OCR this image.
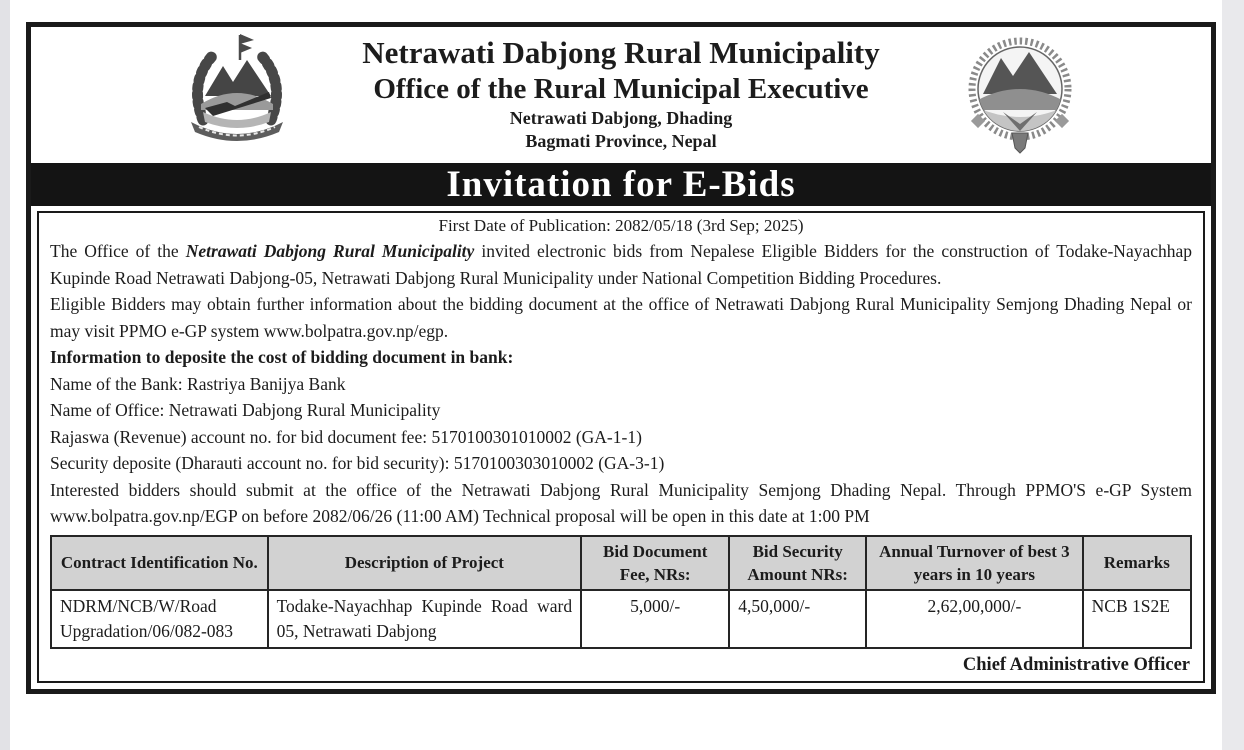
Netrawati Dabjong Rural Municipality
Office of the Rural Municipal Executive
Netrawati Dabjong, Dhading
Bagmati Province, Nepal
Invitation for E-Bids
First Date of Publication: 2082/05/18 (3rd Sep; 2025)

The Office of the Netrawati Dabjong Rural Municipality invited electronic bids from Nepalese Eligible Bidders for the construction of Todake-Nayachhap Kupinde Road Netrawati Dabjong-05, Netrawati Dabjong Rural Municipality under National Competition Bidding Procedures.

Eligible Bidders may obtain further information about the bidding document at the office of Netrawati Dabjong Rural Municipality Semjong Dhading Nepal or may visit PPMO e-GP system www.bolpatra.gov.np/egp.

Information to deposite the cost of bidding document in bank:
Name of the Bank: Rastriya Banijya Bank
Name of Office: Netrawati Dabjong Rural Municipality
Rajaswa (Revenue) account no. for bid document fee: 5170100301010002 (GA-1-1)
Security deposite (Dharauti account no. for bid security): 5170100303010002 (GA-3-1)

Interested bidders should submit at the office of the Netrawati Dabjong Rural Municipality Semjong Dhading Nepal. Through PPMO'S e-GP System www.bolpatra.gov.np/EGP on before 2082/06/26 (11:00 AM) Technical proposal will be open in this date at 1:00 PM

Contract Identification No.	Description of Project	Bid Document Fee, NRs:	Bid Security Amount NRs:	Annual Turnover of best 3 years in 10 years	Remarks
NDRM/NCB/W/Road Upgradation/06/082-083	Todake-Nayachhap Kupinde Road ward 05, Netrawati Dabjong	5,000/-	4,50,000/-	2,62,00,000/-	NCB 1S2E
Chief Administrative Officer
